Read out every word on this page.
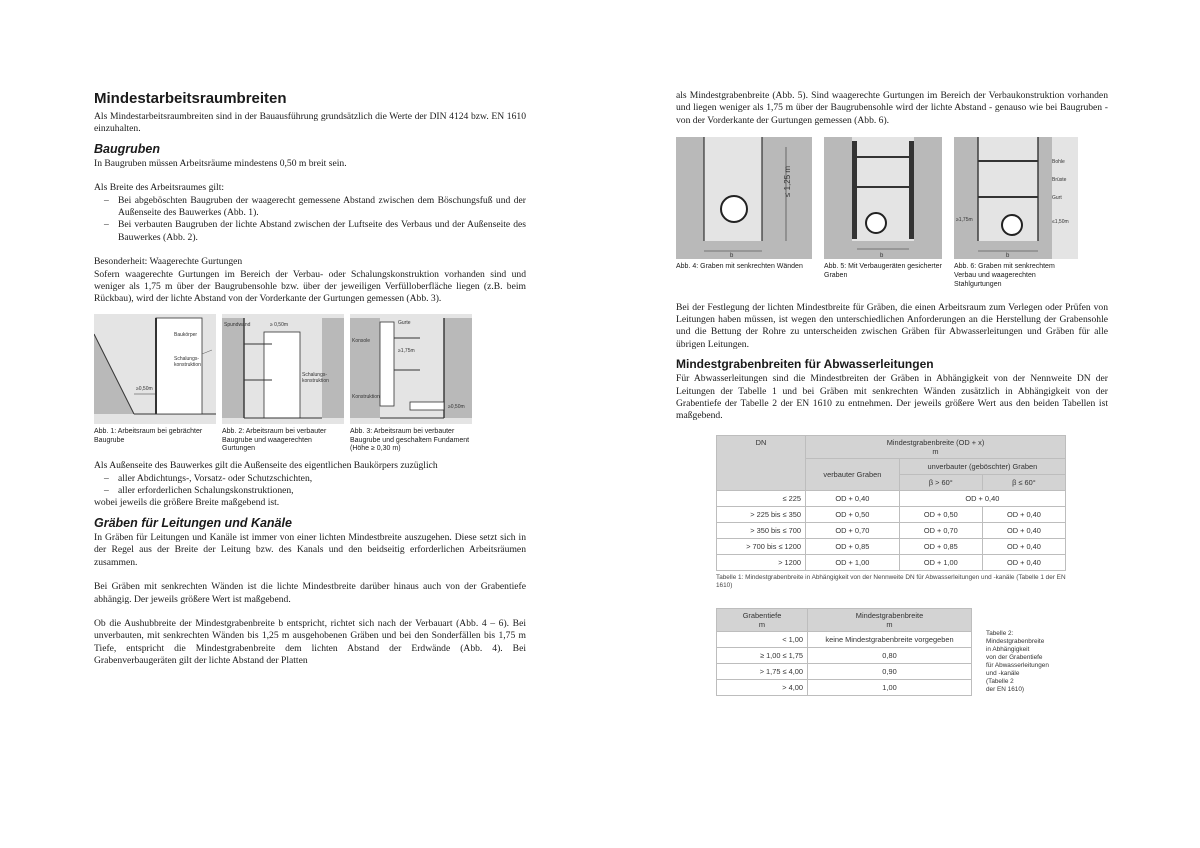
Mindestarbeitsraumbreiten

Als Mindestarbeitsraumbreiten sind in der Bauausführung grundsätzlich die Werte der DIN 4124 bzw. EN 1610 einzuhalten.

Baugruben

In Baugruben müssen Arbeitsräume mindestens 0,50 m breit sein.

Als Breite des Arbeitsraumes gilt:

– Bei abgeböschten Baugruben der waagerecht gemessene Abstand zwischen dem Böschungsfuß und der Außenseite des Bauwerkes (Abb. 1).
– Bei verbauten Baugruben der lichte Abstand zwischen der Luftseite des Verbaus und der Außenseite des Bauwerkes (Abb. 2).

Besonderheit: Waagerechte Gurtungen

Sofern waagerechte Gurtungen im Bereich der Verbau- oder Schalungskonstruktion vorhanden sind und weniger als 1,75 m über der Baugrubensohle bzw. über der jeweiligen Verfülloberfläche liegen (z.B. beim Rückbau), wird der lichte Abstand von der Vorderkante der Gurtungen gemessen (Abb. 3).

Baukörper
Schalungs-
konstruktion
≥0,50m
Abb. 1: Arbeitsraum bei gebrächter Baugrube
Spundwand	≥ 0,50m
Schalungs-
konstruktion
Abb. 2: Arbeitsraum bei verbauter Baugrube und waagerechten Gurtungen
Gurte
Konsole
≥1,75m
Konstruktion
≥0,50m
Abb. 3: Arbeitsraum bei verbauter Baugrube und geschaltem Fundament (Höhe ≥ 0,30 m)

Als Außenseite des Bauwerkes gilt die Außenseite des eigentlichen Baukörpers zuzüglich

– aller Abdichtungs-, Vorsatz- oder Schutzschichten,
– aller erforderlichen Schalungskonstruktionen,

wobei jeweils die größere Breite maßgebend ist.

Gräben für Leitungen und Kanäle

In Gräben für Leitungen und Kanäle ist immer von einer lichten Mindestbreite auszugehen. Diese setzt sich in der Regel aus der Breite der Leitung bzw. des Kanals und den beidseitig erforderlichen Arbeitsräumen zusammen.

Bei Gräben mit senkrechten Wänden ist die lichte Mindestbreite darüber hinaus auch von der Grabentiefe abhängig. Der jeweils größere Wert ist maßgebend.

Ob die Aushubbreite der Mindestgrabenbreite b entspricht, richtet sich nach der Verbauart (Abb. 4 – 6). Bei unverbauten, mit senkrechten Wänden bis 1,25 m ausgehobenen Gräben und bei den Sonderfällen bis 1,75 m Tiefe, entspricht die Mindestgrabenbreite dem lichten Abstand der Erdwände (Abb. 4). Bei Grabenverbaugeräten gilt der lichte Abstand der Platten

als Mindestgrabenbreite (Abb. 5). Sind waagerechte Gurtungen im Bereich der Verbaukonstruktion vorhanden und liegen weniger als 1,75 m über der Baugrubensohle wird der lichte Abstand - genauso wie bei Baugruben - von der Vorderkante der Gurtungen gemessen (Abb. 6).

≤ 1,25 m
b
Abb. 4: Graben mit senkrechten Wänden
b
Abb. 5: Mit Verbaugeräten gesicherter Graben
Bohle
Brüste
Gurt
≥1,75m	≤1,50m
b
Abb. 6: Graben mit senkrechtem Verbau und waagerechten Stahlgurtungen

Bei der Festlegung der lichten Mindestbreite für Gräben, die einen Arbeitsraum zum Verlegen oder Prüfen von Leitungen haben müssen, ist wegen den unterschiedlichen Anforderungen an die Herstellung der Grabensohle und die Bettung der Rohre zu unterscheiden zwischen Gräben für Abwasserleitungen und Gräben für alle übrigen Leitungen.

Mindestgrabenbreiten für Abwasserleitungen

Für Abwasserleitungen sind die Mindestbreiten der Gräben in Abhängigkeit von der Nennweite DN der Leitungen der Tabelle 1 und bei Gräben mit senkrechten Wänden zusätzlich in Abhängigkeit von der Grabentiefe der Tabelle 2 der EN 1610 zu entnehmen. Der jeweils größere Wert aus den beiden Tabellen ist maßgebend.

DN	Mindestgrabenbreite (OD + x)
m		
	verbauter Graben	unverbauter (geböschter) Graben	
		β > 60°	β ≤ 60°
≤ 225	OD + 0,40	OD + 0,40	
> 225 bis ≤ 350	OD + 0,50	OD + 0,50	OD + 0,40
> 350 bis ≤ 700	OD + 0,70	OD + 0,70	OD + 0,40
> 700 bis ≤ 1200	OD + 0,85	OD + 0,85	OD + 0,40
> 1200	OD + 1,00	OD + 1,00	OD + 0,40
Tabelle 1: Mindestgrabenbreite in Abhängigkeit von der Nennweite DN für Abwasserleitungen und -kanäle (Tabelle 1 der EN 1610)
Grabentiefe
m	Mindestgrabenbreite
m
< 1,00	keine Mindestgrabenbreite vorgegeben
≥ 1,00 ≤ 1,75	0,80
> 1,75 ≤ 4,00	0,90
> 4,00	1,00
Tabelle 2:
Mindestgrabenbreite
in Abhängigkeit
von der Grabentiefe
für Abwasserleitungen
und -kanäle
(Tabelle 2
der EN 1610)
